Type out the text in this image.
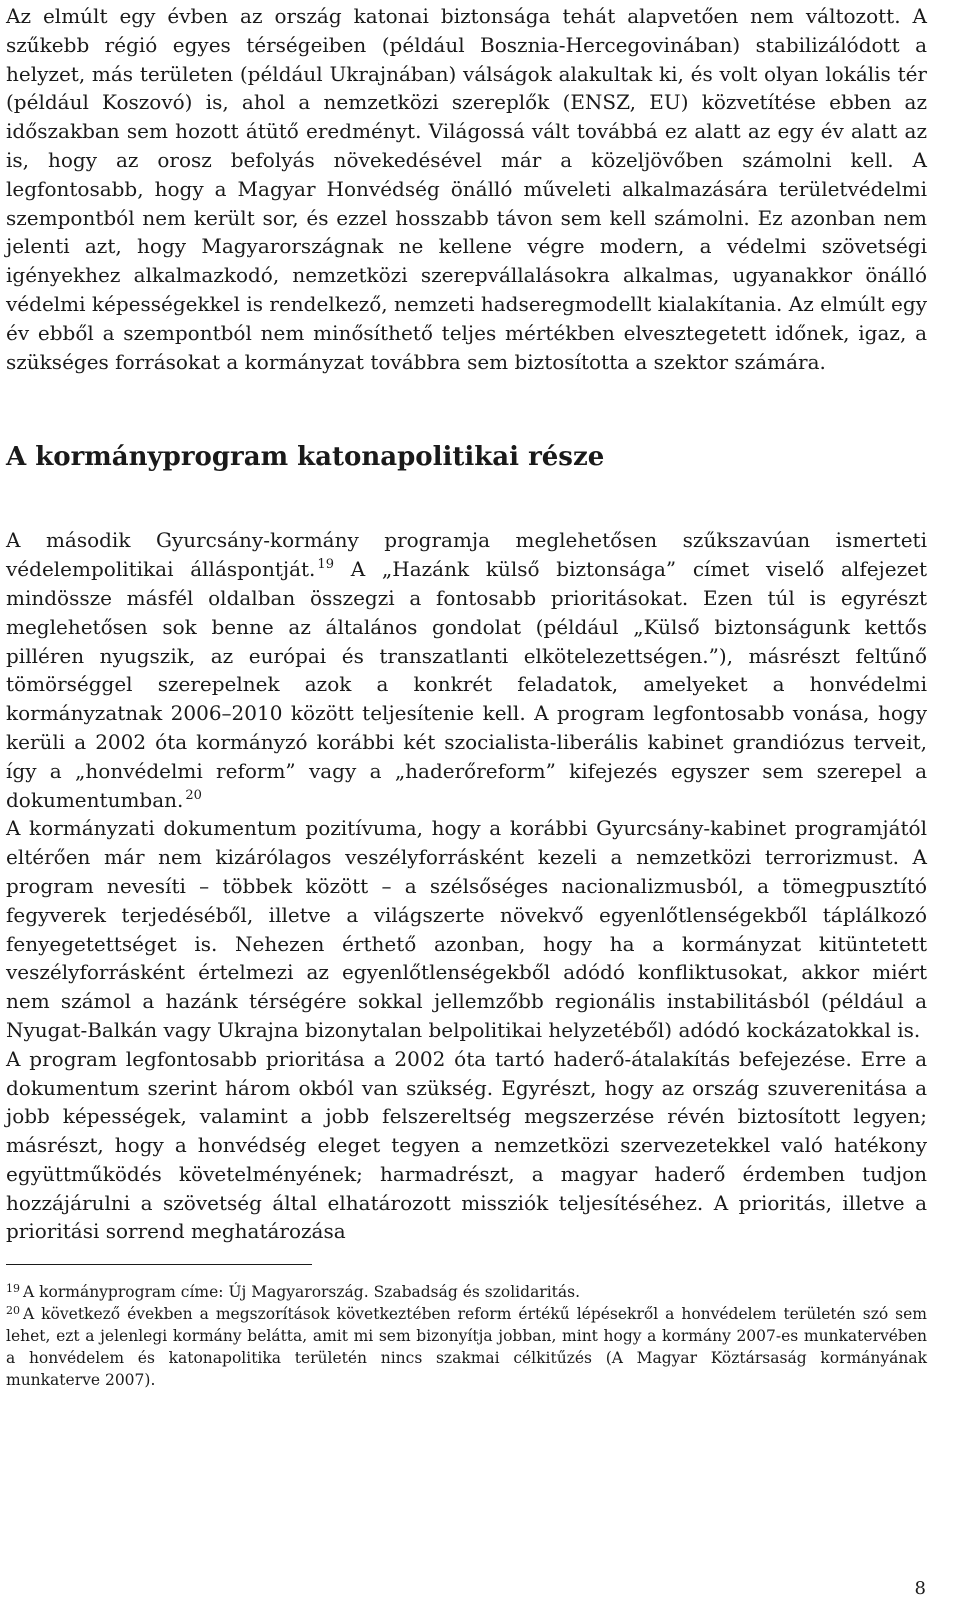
Az elmúlt egy évben az ország katonai biztonsága tehát alapvetően nem változott. A szűkebb régió egyes térségeiben (például Bosznia-Hercegovinában) stabilizálódott a helyzet, más területen (például Ukrajnában) válságok alakultak ki, és volt olyan lokális tér (például Koszovó) is, ahol a nemzetközi szereplők (ENSZ, EU) közvetítése ebben az időszakban sem hozott átütő eredményt. Világossá vált továbbá ez alatt az egy év alatt az is, hogy az orosz befolyás növekedésével már a közeljövőben számolni kell. A legfontosabb, hogy a Magyar Honvédség önálló műveleti alkalmazására területvédelmi szempontból nem került sor, és ezzel hosszabb távon sem kell számolni. Ez azonban nem jelenti azt, hogy Magyarországnak ne kellene végre modern, a védelmi szövetségi igényekhez alkalmazkodó, nemzetközi szerepvállalásokra alkalmas, ugyanakkor önálló védelmi képességekkel is rendelkező, nemzeti hadseregmodellt kialakítania. Az elmúlt egy év ebből a szempontból nem minősíthető teljes mértékben elvesztegetett időnek, igaz, a szükséges forrásokat a kormányzat továbbra sem biztosította a szektor számára.

A kormányprogram katonapolitikai része

A második Gyurcsány-kormány programja meglehetősen szűkszavúan ismerteti védelempolitikai álláspontját. $^{19}$ A „Hazánk külső biztonsága” címet viselő alfejezet mindössze másfél oldalban összegzi a fontosabb prioritásokat. Ezen túl is egyrészt meglehetősen sok benne az általános gondolat (például „Külső biztonságunk kettős pilléren nyugszik, az európai és transzatlanti elkötelezettségen.”), másrészt feltűnő tömörséggel szerepelnek azok a konkrét feladatok, amelyeket a honvédelmi kormányzatnak 2006–2010 között teljesítenie kell. A program legfontosabb vonása, hogy kerüli a 2002 óta kormányzó korábbi két szocialista-liberális kabinet grandiózus terveit, így a „honvédelmi reform” vagy a „haderőreform” kifejezés egyszer sem szerepel a dokumentumban. $^{20}$

A kormányzati dokumentum pozitívuma, hogy a korábbi Gyurcsány-kabinet programjától eltérően már nem kizárólagos veszélyforrásként kezeli a nemzetközi terrorizmust. A program nevesíti – többek között – a szélsőséges nacionalizmusból, a tömegpusztító fegyverek terjedéséből, illetve a világszerte növekvő egyenlőtlenségekből táplálkozó fenyegetettséget is. Nehezen érthető azonban, hogy ha a kormányzat kitüntetett veszélyforrásként értelmezi az egyenlőtlenségekből adódó konfliktusokat, akkor miért nem számol a hazánk térségére sokkal jellemzőbb regionális instabilitásból (például a Nyugat-Balkán vagy Ukrajna bizonytalan belpolitikai helyzetéből) adódó kockázatokkal is.

A program legfontosabb prioritása a 2002 óta tartó haderő-átalakítás befejezése. Erre a dokumentum szerint három okból van szükség. Egyrészt, hogy az ország szuverenitása a jobb képességek, valamint a jobb felszereltség megszerzése révén biztosított legyen; másrészt, hogy a honvédség eleget tegyen a nemzetközi szervezetekkel való hatékony együttműködés követelményének; harmadrészt, a magyar haderő érdemben tudjon hozzájárulni a szövetség által elhatározott missziók teljesítéséhez. A prioritás, illetve a prioritási sorrend meghatározása

$^{19}$ A kormányprogram címe: Új Magyarország. Szabadság és szolidaritás.

$^{20}$ A következő években a megszorítások következtében reform értékű lépésekről a honvédelem területén szó sem lehet, ezt a jelenlegi kormány belátta, amit mi sem bizonyítja jobban, mint hogy a kormány 2007-es munkatervében a honvédelem és katonapolitika területén nincs szakmai célkitűzés (A Magyar Köztársaság kormányának munkaterve 2007).

8
